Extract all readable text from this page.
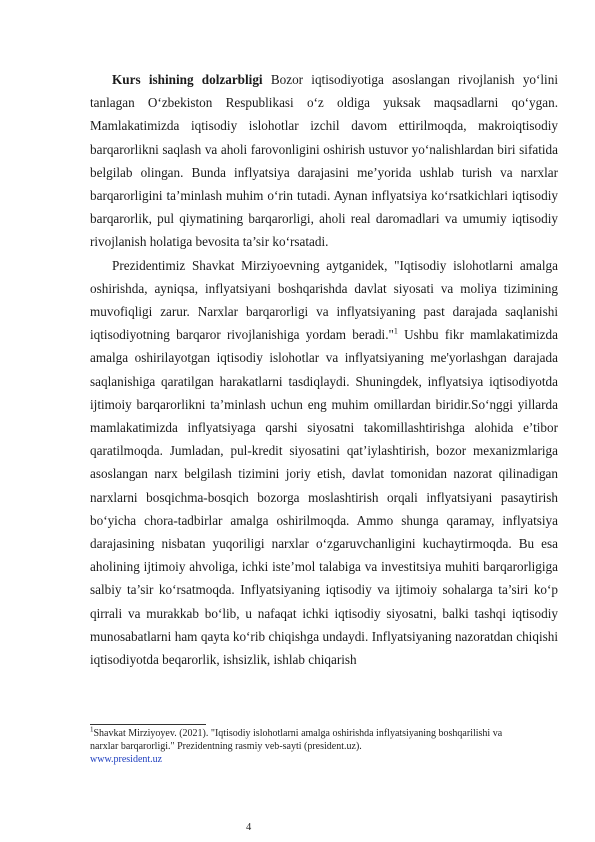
Kurs ishining dolzarbligi Bozor iqtisodiyotiga asoslangan rivojlanish yo‘lini tanlagan O‘zbekiston Respublikasi o‘z oldiga yuksak maqsadlarni qo‘ygan. Mamlakatimizda iqtisodiy islohotlar izchil davom ettirilmoqda, makroiqtisodiy barqarorlikni saqlash va aholi farovonligini oshirish ustuvor yo‘nalishlardan biri sifatida belgilab olingan. Bunda inflyatsiya darajasini me’yorida ushlab turish va narxlar barqarorligini ta’minlash muhim o‘rin tutadi. Aynan inflyatsiya ko‘rsatkichlari iqtisodiy barqarorlik, pul qiymatining barqarorligi, aholi real daromadlari va umumiy iqtisodiy rivojlanish holatiga bevosita ta’sir ko‘rsatadi.

Prezidentimiz Shavkat Mirziyoevning aytganidek, "Iqtisodiy islohotlarni amalga oshirishda, ayniqsa, inflyatsiyani boshqarishda davlat siyosati va moliya tizimining muvofiqligi zarur. Narxlar barqarorligi va inflyatsiyaning past darajada saqlanishi iqtisodiyotning barqaror rivojlanishiga yordam beradi."$^1$ Ushbu fikr mamlakatimizda amalga oshirilayotgan iqtisodiy islohotlar va inflyatsiyaning me'yorlashgan darajada saqlanishiga qaratilgan harakatlarni tasdiqlaydi. Shuningdek, inflyatsiya iqtisodiyotda ijtimoiy barqarorlikni ta’minlash uchun eng muhim omillardan biridir.So‘nggi yillarda mamlakatimizda inflyatsiyaga qarshi siyosatni takomillashtirishga alohida e’tibor qaratilmoqda. Jumladan, pul-kredit siyosatini qat’iylashtirish, bozor mexanizmlariga asoslangan narx belgilash tizimini joriy etish, davlat tomonidan nazorat qilinadigan narxlarni bosqichma-bosqich bozorga moslashtirish orqali inflyatsiyani pasaytirish bo‘yicha chora-tadbirlar amalga oshirilmoqda. Ammo shunga qaramay, inflyatsiya darajasining nisbatan yuqoriligi narxlar o‘zgaruvchanligini kuchaytirmoqda. Bu esa aholining ijtimoiy ahvoliga, ichki iste’mol talabiga va investitsiya muhiti barqarorligiga salbiy ta’sir ko‘rsatmoqda. Inflyatsiyaning iqtisodiy va ijtimoiy sohalarga ta’siri ko‘p qirrali va murakkab bo‘lib, u nafaqat ichki iqtisodiy siyosatni, balki tashqi iqtisodiy munosabatlarni ham qayta ko‘rib chiqishga undaydi. Inflyatsiyaning nazoratdan chiqishi iqtisodiyotda beqarorlik, ishsizlik, ishlab chiqarish

$^1$Shavkat Mirziyoyev. (2021). "Iqtisodiy islohotlarni amalga oshirishda inflyatsiyaning boshqarilishi va narxlar barqarorligi." Prezidentning rasmiy veb-sayti (president.uz).
www.president.uz
4
